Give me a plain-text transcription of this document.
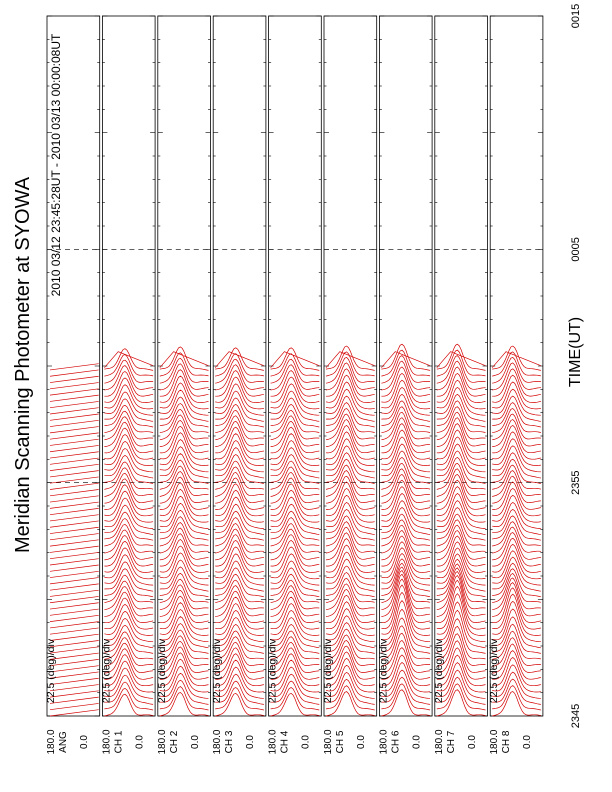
Meridian Scanning Photometer at SYOWA
2010 03/12 23:45:28UT - 2010 03/13 00:00:08UT
TIME(UT)
2345
2355
0005
0015
22.5 (deg)/div
180.0 ANG 0.0
22.5 (deg)/div
180.0 CH 1 0.0
22.5 (deg)/div
180.0 CH 2 0.0
22.5 (deg)/div
180.0 CH 3 0.0
22.5 (deg)/div
180.0 CH 4 0.0
22.5 (deg)/div
180.0 CH 5 0.0
22.5 (deg)/div
180.0 CH 6 0.0
22.5 (deg)/div
180.0 CH 7 0.0
22.5 (deg)/div
180.0 CH 8 0.0
